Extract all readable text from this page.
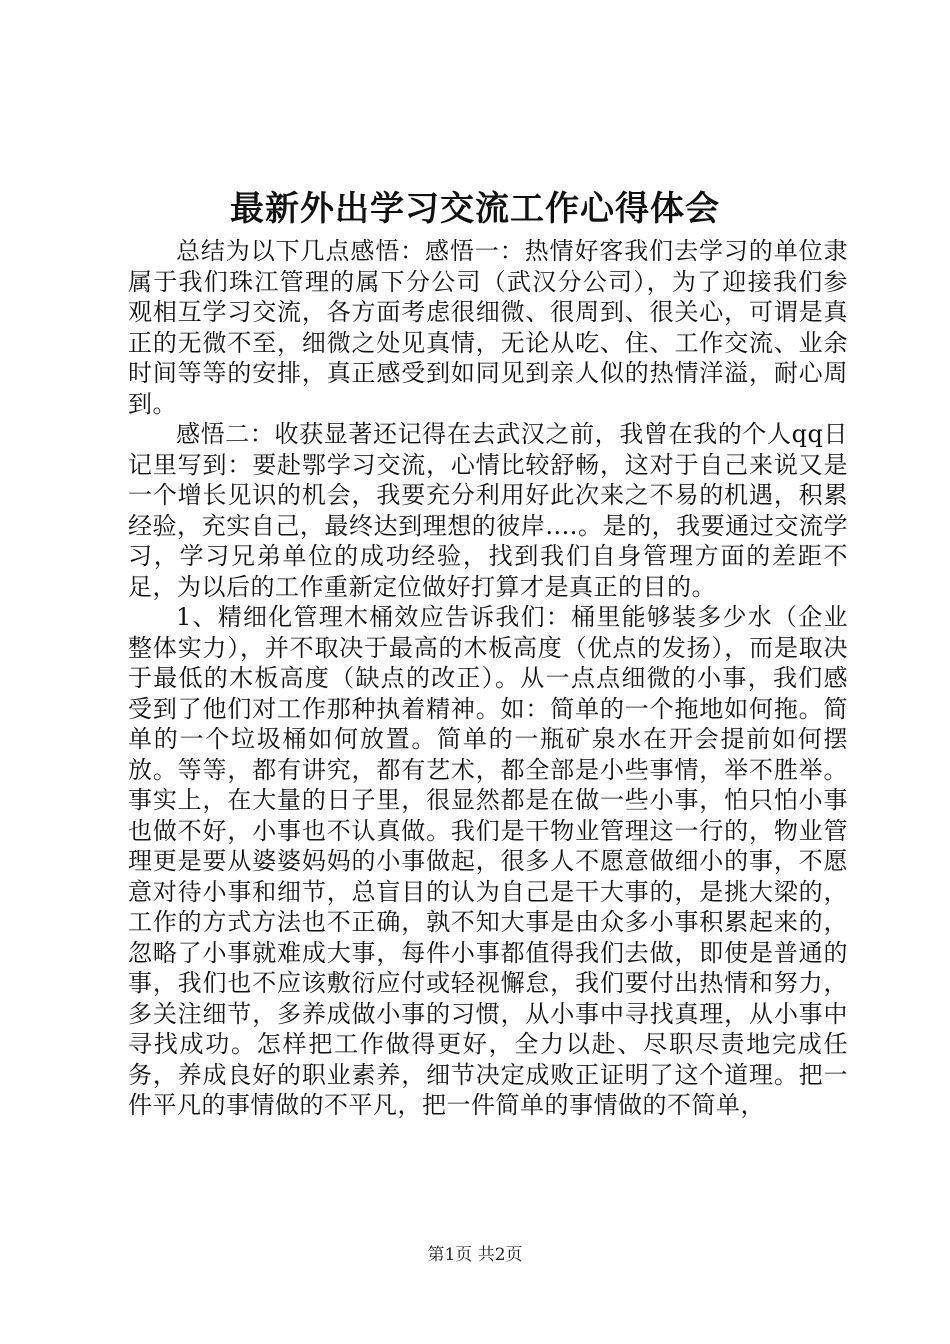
最新外出学习交流工作心得体会

总结为以下几点感悟：感悟一：热情好客我们去学习的单位隶属于我们珠江管理的属下分公司（武汉分公司），为了迎接我们参观相互学习交流，各方面考虑很细微、很周到、很关心，可谓是真正的无微不至，细微之处见真情，无论从吃、住、工作交流、业余时间等等的安排，真正感受到如同见到亲人似的热情洋溢，耐心周到。

感悟二：收获显著还记得在去武汉之前，我曾在我的个人qq日记里写到：要赴鄂学习交流，心情比较舒畅，这对于自己来说又是一个增长见识的机会，我要充分利用好此次来之不易的机遇，积累经验，充实自己，最终达到理想的彼岸....。是的，我要通过交流学习，学习兄弟单位的成功经验，找到我们自身管理方面的差距不足，为以后的工作重新定位做好打算才是真正的目的。

1、精细化管理木桶效应告诉我们：桶里能够装多少水（企业整体实力），并不取决于最高的木板高度（优点的发扬），而是取决于最低的木板高度（缺点的改正）。从一点点细微的小事，我们感受到了他们对工作那种执着精神。如：简单的一个拖地如何拖。简单的一个垃圾桶如何放置。简单的一瓶矿泉水在开会提前如何摆放。等等，都有讲究，都有艺术，都全部是小些事情，举不胜举。事实上，在大量的日子里，很显然都是在做一些小事，怕只怕小事也做不好，小事也不认真做。我们是干物业管理这一行的，物业管理更是要从婆婆妈妈的小事做起，很多人不愿意做细小的事，不愿意对待小事和细节，总盲目的认为自己是干大事的，是挑大梁的，工作的方式方法也不正确，孰不知大事是由众多小事积累起来的，忽略了小事就难成大事，每件小事都值得我们去做，即使是普通的事，我们也不应该敷衍应付或轻视懈怠，我们要付出热情和努力，多关注细节，多养成做小事的习惯，从小事中寻找真理，从小事中寻找成功。怎样把工作做得更好，全力以赴、尽职尽责地完成任务，养成良好的职业素养，细节决定成败正证明了这个道理。把一件平凡的事情做的不平凡，把一件简单的事情做的不简单，

第1页 共2页
